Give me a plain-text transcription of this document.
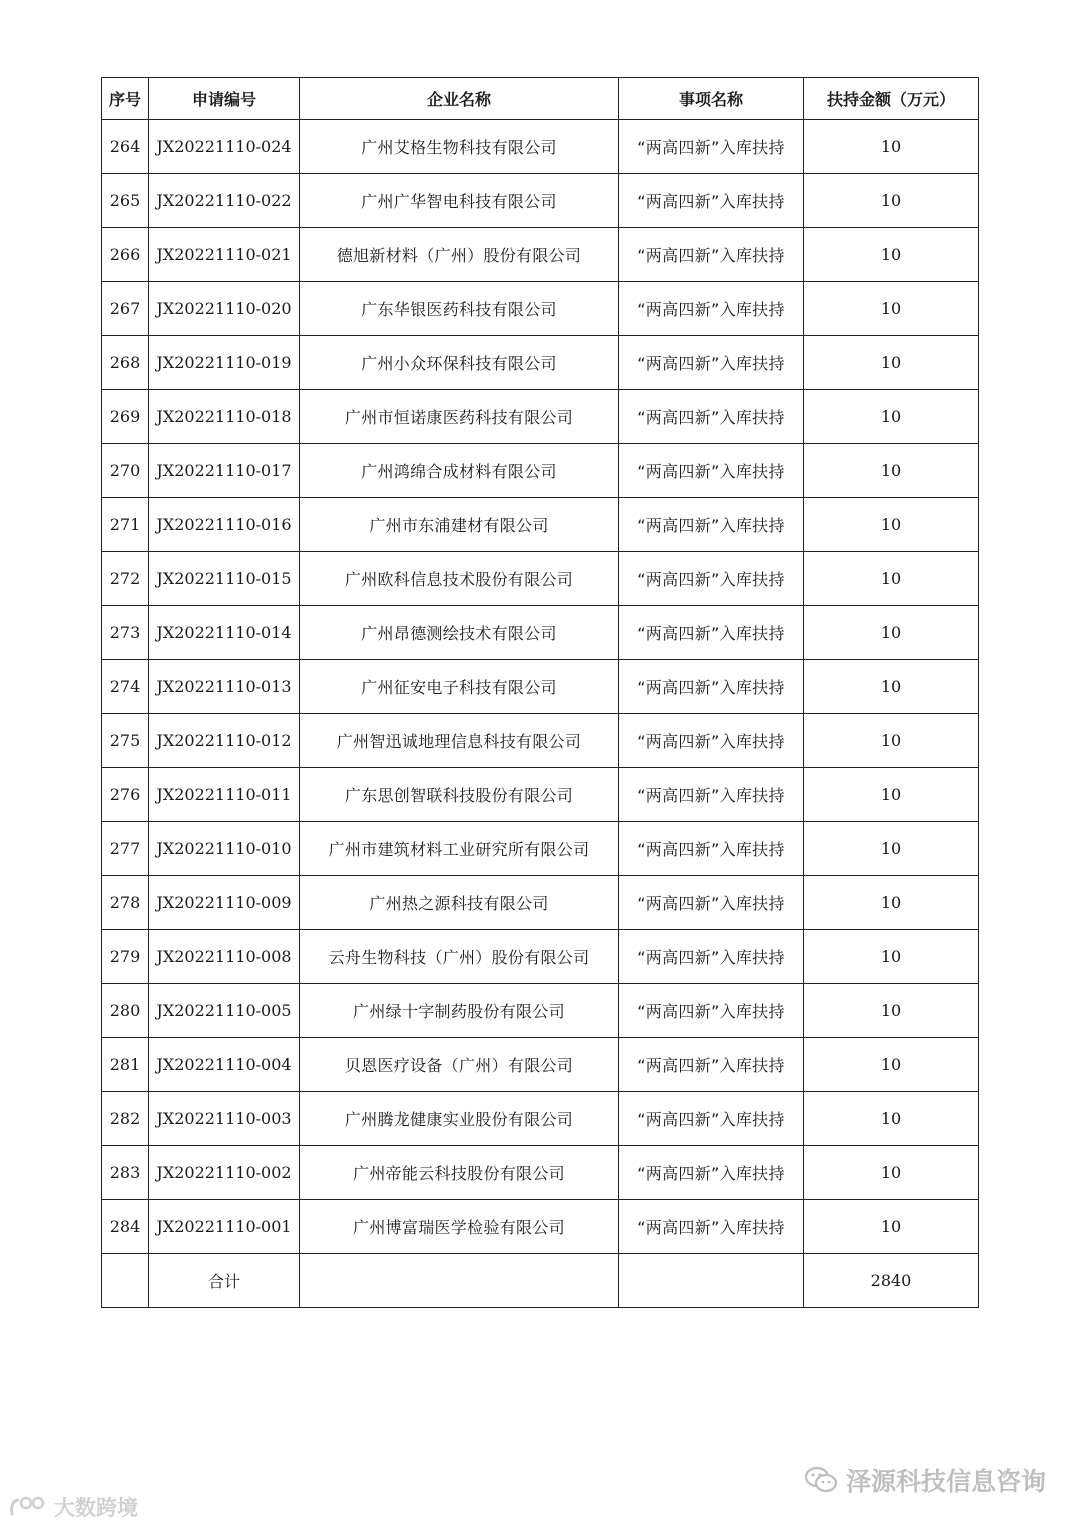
序号	申请编号	企业名称	事项名称	扶持金额（万元）
264	JX20221110-024	广州艾格生物科技有限公司	“两高四新”入库扶持	10
265	JX20221110-022	广州广华智电科技有限公司	“两高四新”入库扶持	10
266	JX20221110-021	德旭新材料（广州）股份有限公司	“两高四新”入库扶持	10
267	JX20221110-020	广东华银医药科技有限公司	“两高四新”入库扶持	10
268	JX20221110-019	广州小众环保科技有限公司	“两高四新”入库扶持	10
269	JX20221110-018	广州市恒诺康医药科技有限公司	“两高四新”入库扶持	10
270	JX20221110-017	广州鸿绵合成材料有限公司	“两高四新”入库扶持	10
271	JX20221110-016	广州市东浦建材有限公司	“两高四新”入库扶持	10
272	JX20221110-015	广州欧科信息技术股份有限公司	“两高四新”入库扶持	10
273	JX20221110-014	广州昂德测绘技术有限公司	“两高四新”入库扶持	10
274	JX20221110-013	广州征安电子科技有限公司	“两高四新”入库扶持	10
275	JX20221110-012	广州智迅诚地理信息科技有限公司	“两高四新”入库扶持	10
276	JX20221110-011	广东思创智联科技股份有限公司	“两高四新”入库扶持	10
277	JX20221110-010	广州市建筑材料工业研究所有限公司	“两高四新”入库扶持	10
278	JX20221110-009	广州热之源科技有限公司	“两高四新”入库扶持	10
279	JX20221110-008	云舟生物科技（广州）股份有限公司	“两高四新”入库扶持	10
280	JX20221110-005	广州绿十字制药股份有限公司	“两高四新”入库扶持	10
281	JX20221110-004	贝恩医疗设备（广州）有限公司	“两高四新”入库扶持	10
282	JX20221110-003	广州腾龙健康实业股份有限公司	“两高四新”入库扶持	10
283	JX20221110-002	广州帝能云科技股份有限公司	“两高四新”入库扶持	10
284	JX20221110-001	广州博富瑞医学检验有限公司	“两高四新”入库扶持	10
	合计			2840
泽源科技信息咨询
大数跨境
